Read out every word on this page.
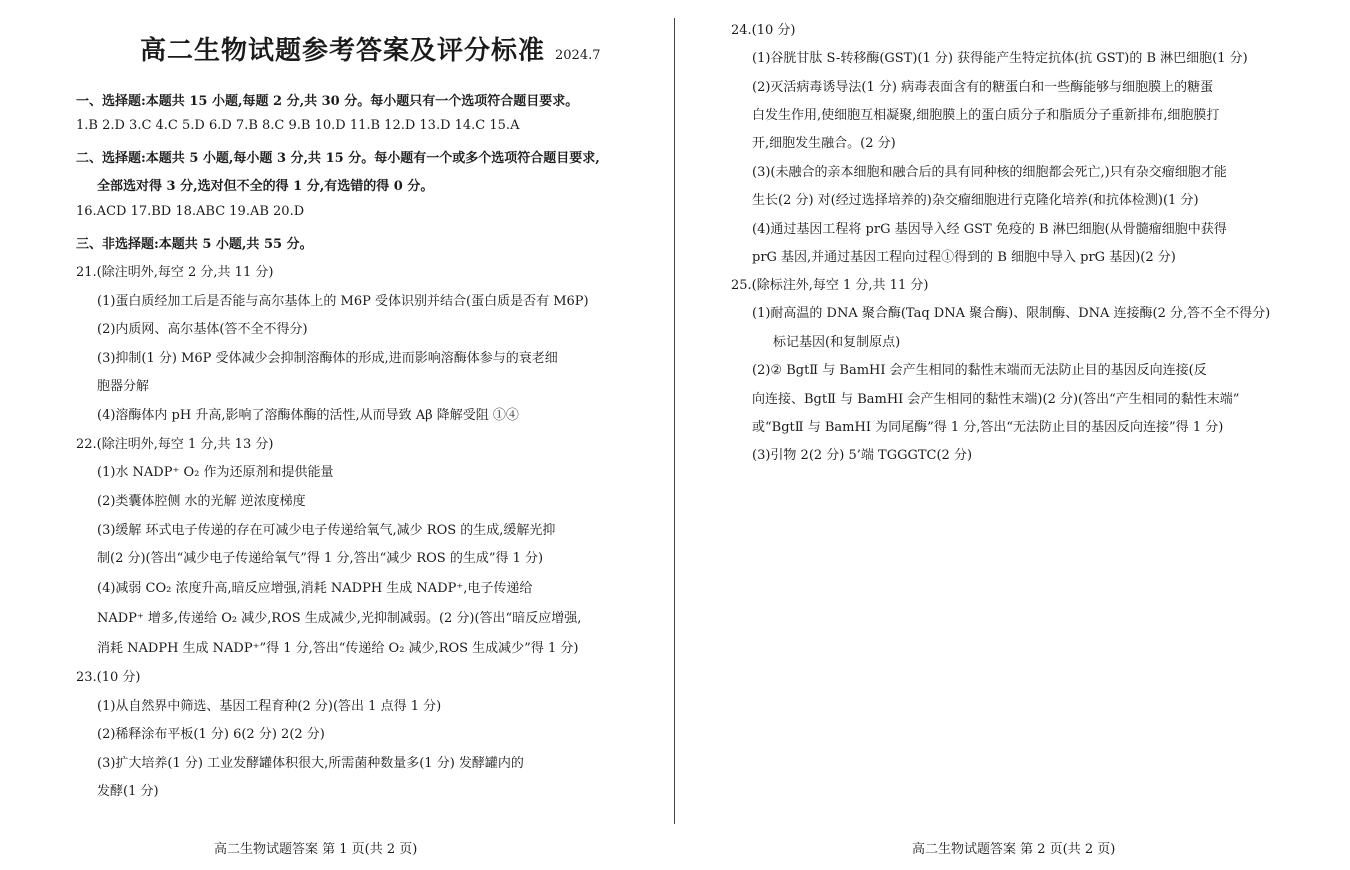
高二生物试题参考答案及评分标准 2024.7
一、选择题:本题共 15 小题,每题 2 分,共 30 分。每小题只有一个选项符合题目要求。
1.B 2.D 3.C 4.C 5.D 6.D 7.B 8.C 9.B 10.D 11.B 12.D 13.D 14.C 15.A
二、选择题:本题共 5 小题,每小题 3 分,共 15 分。每小题有一个或多个选项符合题目要求,
全部选对得 3 分,选对但不全的得 1 分,有选错的得 0 分。
16.ACD 17.BD 18.ABC 19.AB 20.D
三、非选择题:本题共 5 小题,共 55 分。
21.(除注明外,每空 2 分,共 11 分)
(1)蛋白质经加工后是否能与高尔基体上的 M6P 受体识别并结合(蛋白质是否有 M6P)
(2)内质网、高尔基体(答不全不得分)
(3)抑制(1 分) M6P 受体减少会抑制溶酶体的形成,进而影响溶酶体参与的衰老细
胞器分解
(4)溶酶体内 pH 升高,影响了溶酶体酶的活性,从而导致 Aβ 降解受阻 ①④
22.(除注明外,每空 1 分,共 13 分)
(1)水 NADP⁺ O₂ 作为还原剂和提供能量
(2)类囊体腔侧 水的光解 逆浓度梯度
(3)缓解 环式电子传递的存在可减少电子传递给氧气,减少 ROS 的生成,缓解光抑
制(2 分)(答出“减少电子传递给氧气”得 1 分,答出“减少 ROS 的生成”得 1 分)
(4)减弱 CO₂ 浓度升高,暗反应增强,消耗 NADPH 生成 NADP⁺,电子传递给
NADP⁺ 增多,传递给 O₂ 减少,ROS 生成减少,光抑制减弱。(2 分)(答出“暗反应增强,
消耗 NADPH 生成 NADP⁺”得 1 分,答出“传递给 O₂ 减少,ROS 生成减少”得 1 分)
23.(10 分)
(1)从自然界中筛选、基因工程育种(2 分)(答出 1 点得 1 分)
(2)稀释涂布平板(1 分) 6(2 分) 2(2 分)
(3)扩大培养(1 分) 工业发酵罐体积很大,所需菌种数量多(1 分) 发酵罐内的
发酵(1 分)
高二生物试题答案 第 1 页(共 2 页)
24.(10 分)
(1)谷胱甘肽 S-转移酶(GST)(1 分) 获得能产生特定抗体(抗 GST)的 B 淋巴细胞(1 分)
(2)灭活病毒诱导法(1 分) 病毒表面含有的糖蛋白和一些酶能够与细胞膜上的糖蛋
白发生作用,使细胞互相凝聚,细胞膜上的蛋白质分子和脂质分子重新排布,细胞膜打
开,细胞发生融合。(2 分)
(3)(未融合的亲本细胞和融合后的具有同种核的细胞都会死亡,)只有杂交瘤细胞才能
生长(2 分) 对(经过选择培养的)杂交瘤细胞进行克隆化培养(和抗体检测)(1 分)
(4)通过基因工程将 prG 基因导入经 GST 免疫的 B 淋巴细胞(从骨髓瘤细胞中获得
prG 基因,并通过基因工程向过程①得到的 B 细胞中导入 prG 基因)(2 分)
25.(除标注外,每空 1 分,共 11 分)
(1)耐高温的 DNA 聚合酶(Taq DNA 聚合酶)、限制酶、DNA 连接酶(2 分,答不全不得分)
标记基因(和复制原点)
(2)② BgtⅡ 与 BamHⅠ 会产生相同的黏性末端而无法防止目的基因反向连接(反
向连接、BgtⅡ 与 BamHⅠ 会产生相同的黏性末端)(2 分)(答出“产生相同的黏性末端”
或“BgtⅡ 与 BamHⅠ 为同尾酶”得 1 分,答出“无法防止目的基因反向连接”得 1 分)
(3)引物 2(2 分) 5’端 TGGGTC(2 分)
高二生物试题答案 第 2 页(共 2 页)
